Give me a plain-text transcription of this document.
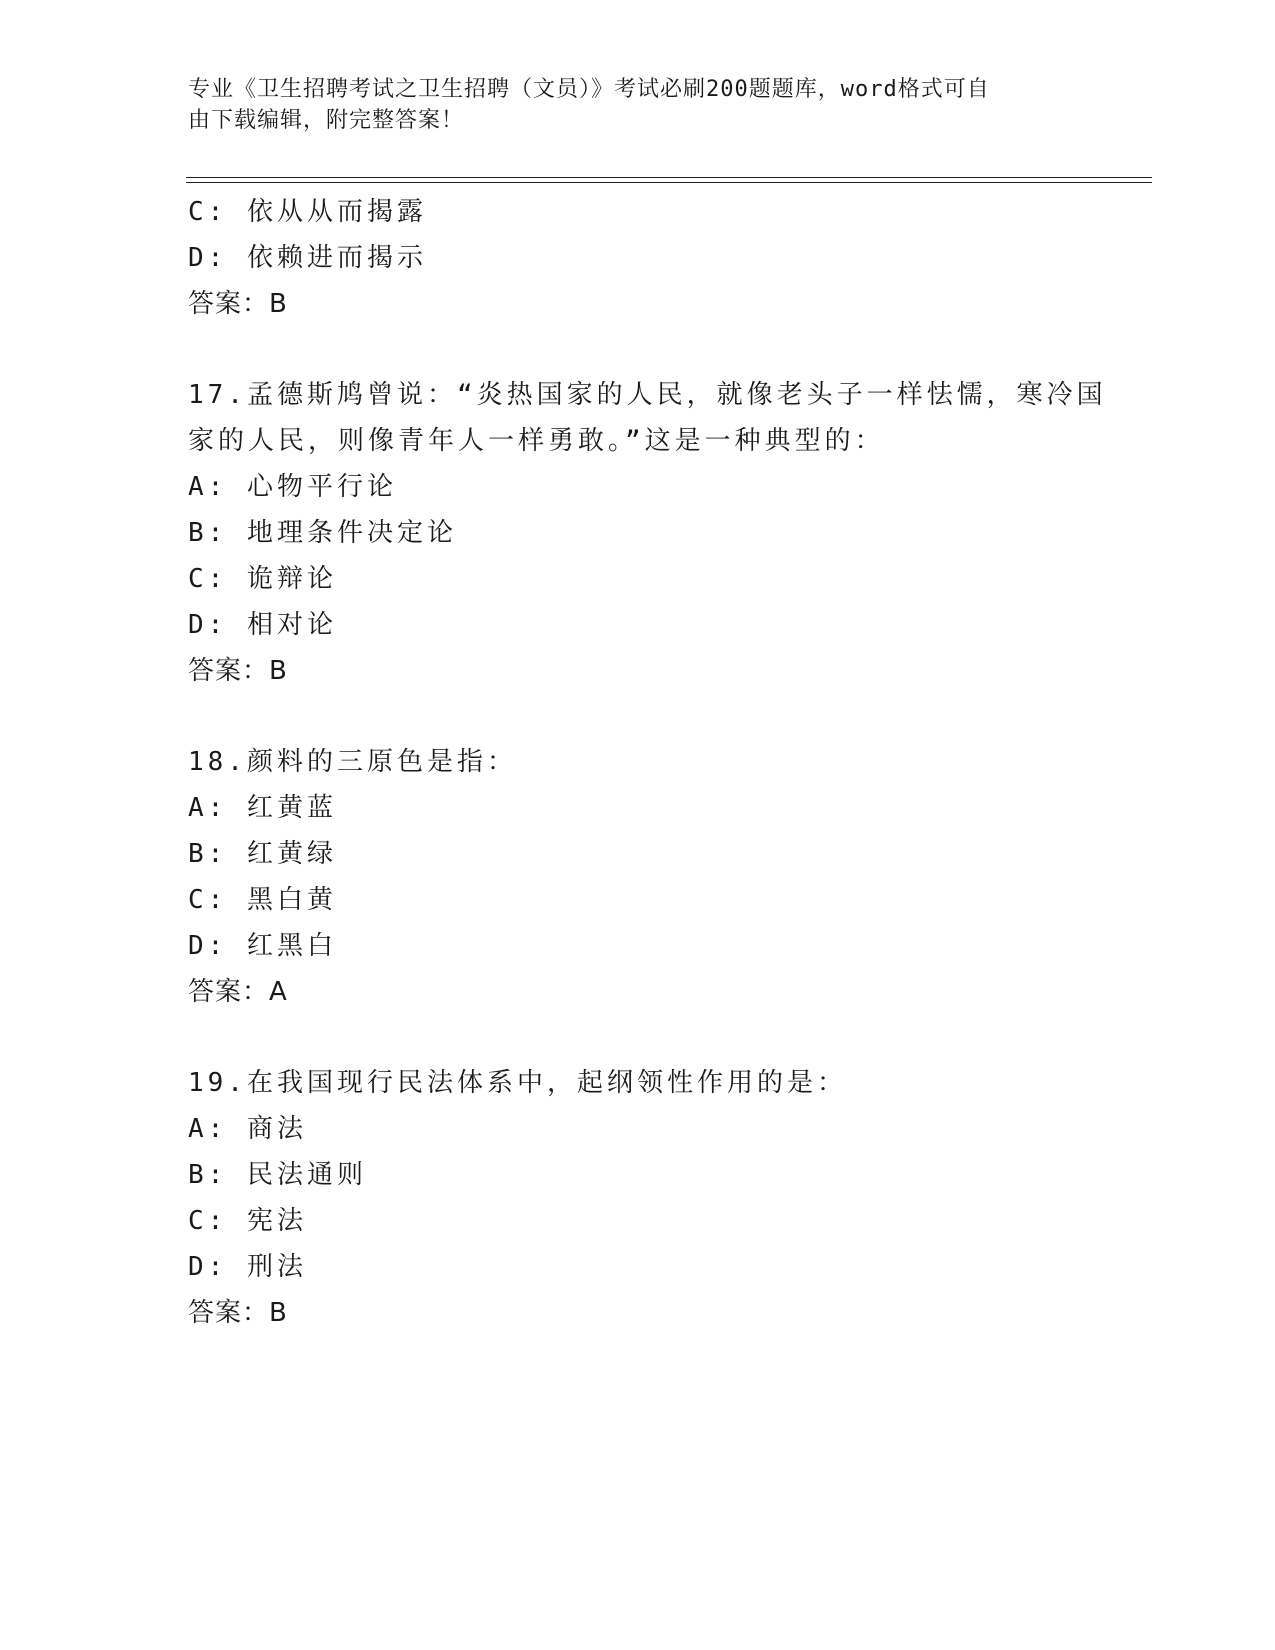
专业《卫生招聘考试之卫生招聘（文员）》考试必刷200题题库，word格式可自
由下载编辑，附完整答案！
C: 依从从而揭露
D: 依赖进而揭示
答案：B
17.孟德斯鸠曾说：“炎热国家的人民，就像老头子一样怯懦，寒冷国
家的人民，则像青年人一样勇敢。”这是一种典型的：
A: 心物平行论
B: 地理条件决定论
C: 诡辩论
D: 相对论
答案：B
18.颜料的三原色是指：
A: 红黄蓝
B: 红黄绿
C: 黑白黄
D: 红黑白
答案：A
19.在我国现行民法体系中，起纲领性作用的是：
A: 商法
B: 民法通则
C: 宪法
D: 刑法
答案：B
